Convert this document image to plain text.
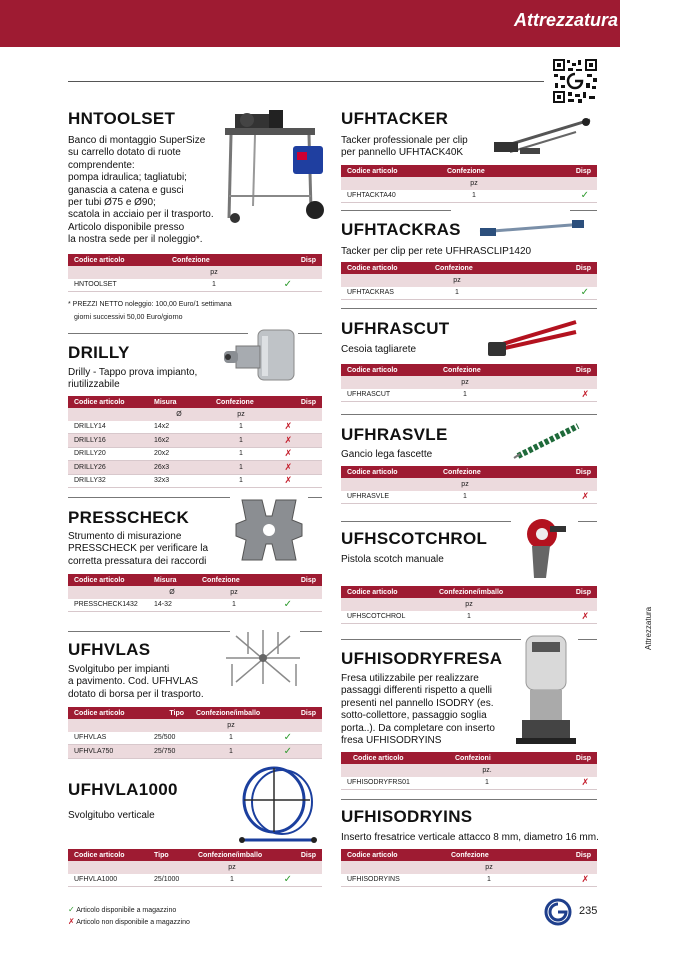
Attrezzatura _ C7
HNTOOLSET
Banco di montaggio SuperSize
su carrello dotato di ruote
comprendente:
pompa idraulica; tagliatubi;
ganascia a catena e gusci
per tubi Ø75 e Ø90;
scatola in acciaio per il trasporto.
Articolo disponibile presso
la nostra sede per il noleggio*.
Codice articolo	Confezione	Disp
	pz	
HNTOOLSET	1	✓
* PREZZI NETTO noleggio: 100,00 Euro/1 settimana
giorni successivi 50,00 Euro/giorno
DRILLY
Drilly - Tappo prova impianto,
riutilizzabile
Codice articolo	Misura	Confezione	Disp
	Ø	pz	
DRILLY14	14x2	1	✗
DRILLY16	16x2	1	✗
DRILLY20	20x2	1	✗
DRILLY26	26x3	1	✗
DRILLY32	32x3	1	✗
PRESSCHECK
Strumento di misurazione
PRESSCHECK per verificare la
corretta pressatura dei raccordi
Codice articolo	Misura	Confezione	Disp
	Ø	pz	
PRESSCHECK1432	14-32	1	✓
UFHVLAS
Svolgitubo per impianti
a pavimento. Cod. UFHVLAS
dotato di borsa per il trasporto.
Codice articolo	Tipo	Confezione/imballo	Disp
		pz	
UFHVLAS	25/500	1	✓
UFHVLA750	25/750	1	✓
UFHVLA1000
Svolgitubo verticale
Codice articolo	Tipo	Confezione/imballo	Disp
		pz	
UFHVLA1000	25/1000	1	✓
✓ Articolo disponibile a magazzino
✗ Articolo non disponibile a magazzino
UFHTACKER
Tacker professionale per clip
per pannello UFHTACK40K
Codice articolo	Confezione	Disp
	pz	
UFHTACKTA40	1	✓
UFHTACKRAS
Tacker per clip per rete UFHRASCLIP1420
Codice articolo	Confezione	Disp
	pz	
UFHTACKRAS	1	✓
UFHRASCUT
Cesoia tagliarete
Codice articolo	Confezione	Disp
	pz	
UFHRASCUT	1	✗
UFHRASVLE
Gancio lega fascette
Codice articolo	Confezione	Disp
	pz	
UFHRASVLE	1	✗
UFHSCOTCHROL
Pistola scotch manuale
Codice articolo	Confezione/imballo	Disp
	pz	
UFHSCOTCHROL	1	✗
UFHISODRYFRESA
Fresa utilizzabile per realizzare
passaggi differenti rispetto a quelli
presenti nel pannello ISODRY (es.
sotto-collettore, passaggio soglia
porta..). Da completare con inserto
fresa UFHISODRYINS
Codice articolo	Confezioni	Disp
	pz.	
UFHISODRYFRS01	1	✗
UFHISODRYINS
Inserto fresatrice verticale attacco 8 mm, diametro 16 mm.
Codice articolo	Confezione	Disp
	pz	
UFHISODRYINS	1	✗
Attrezzatura
235
